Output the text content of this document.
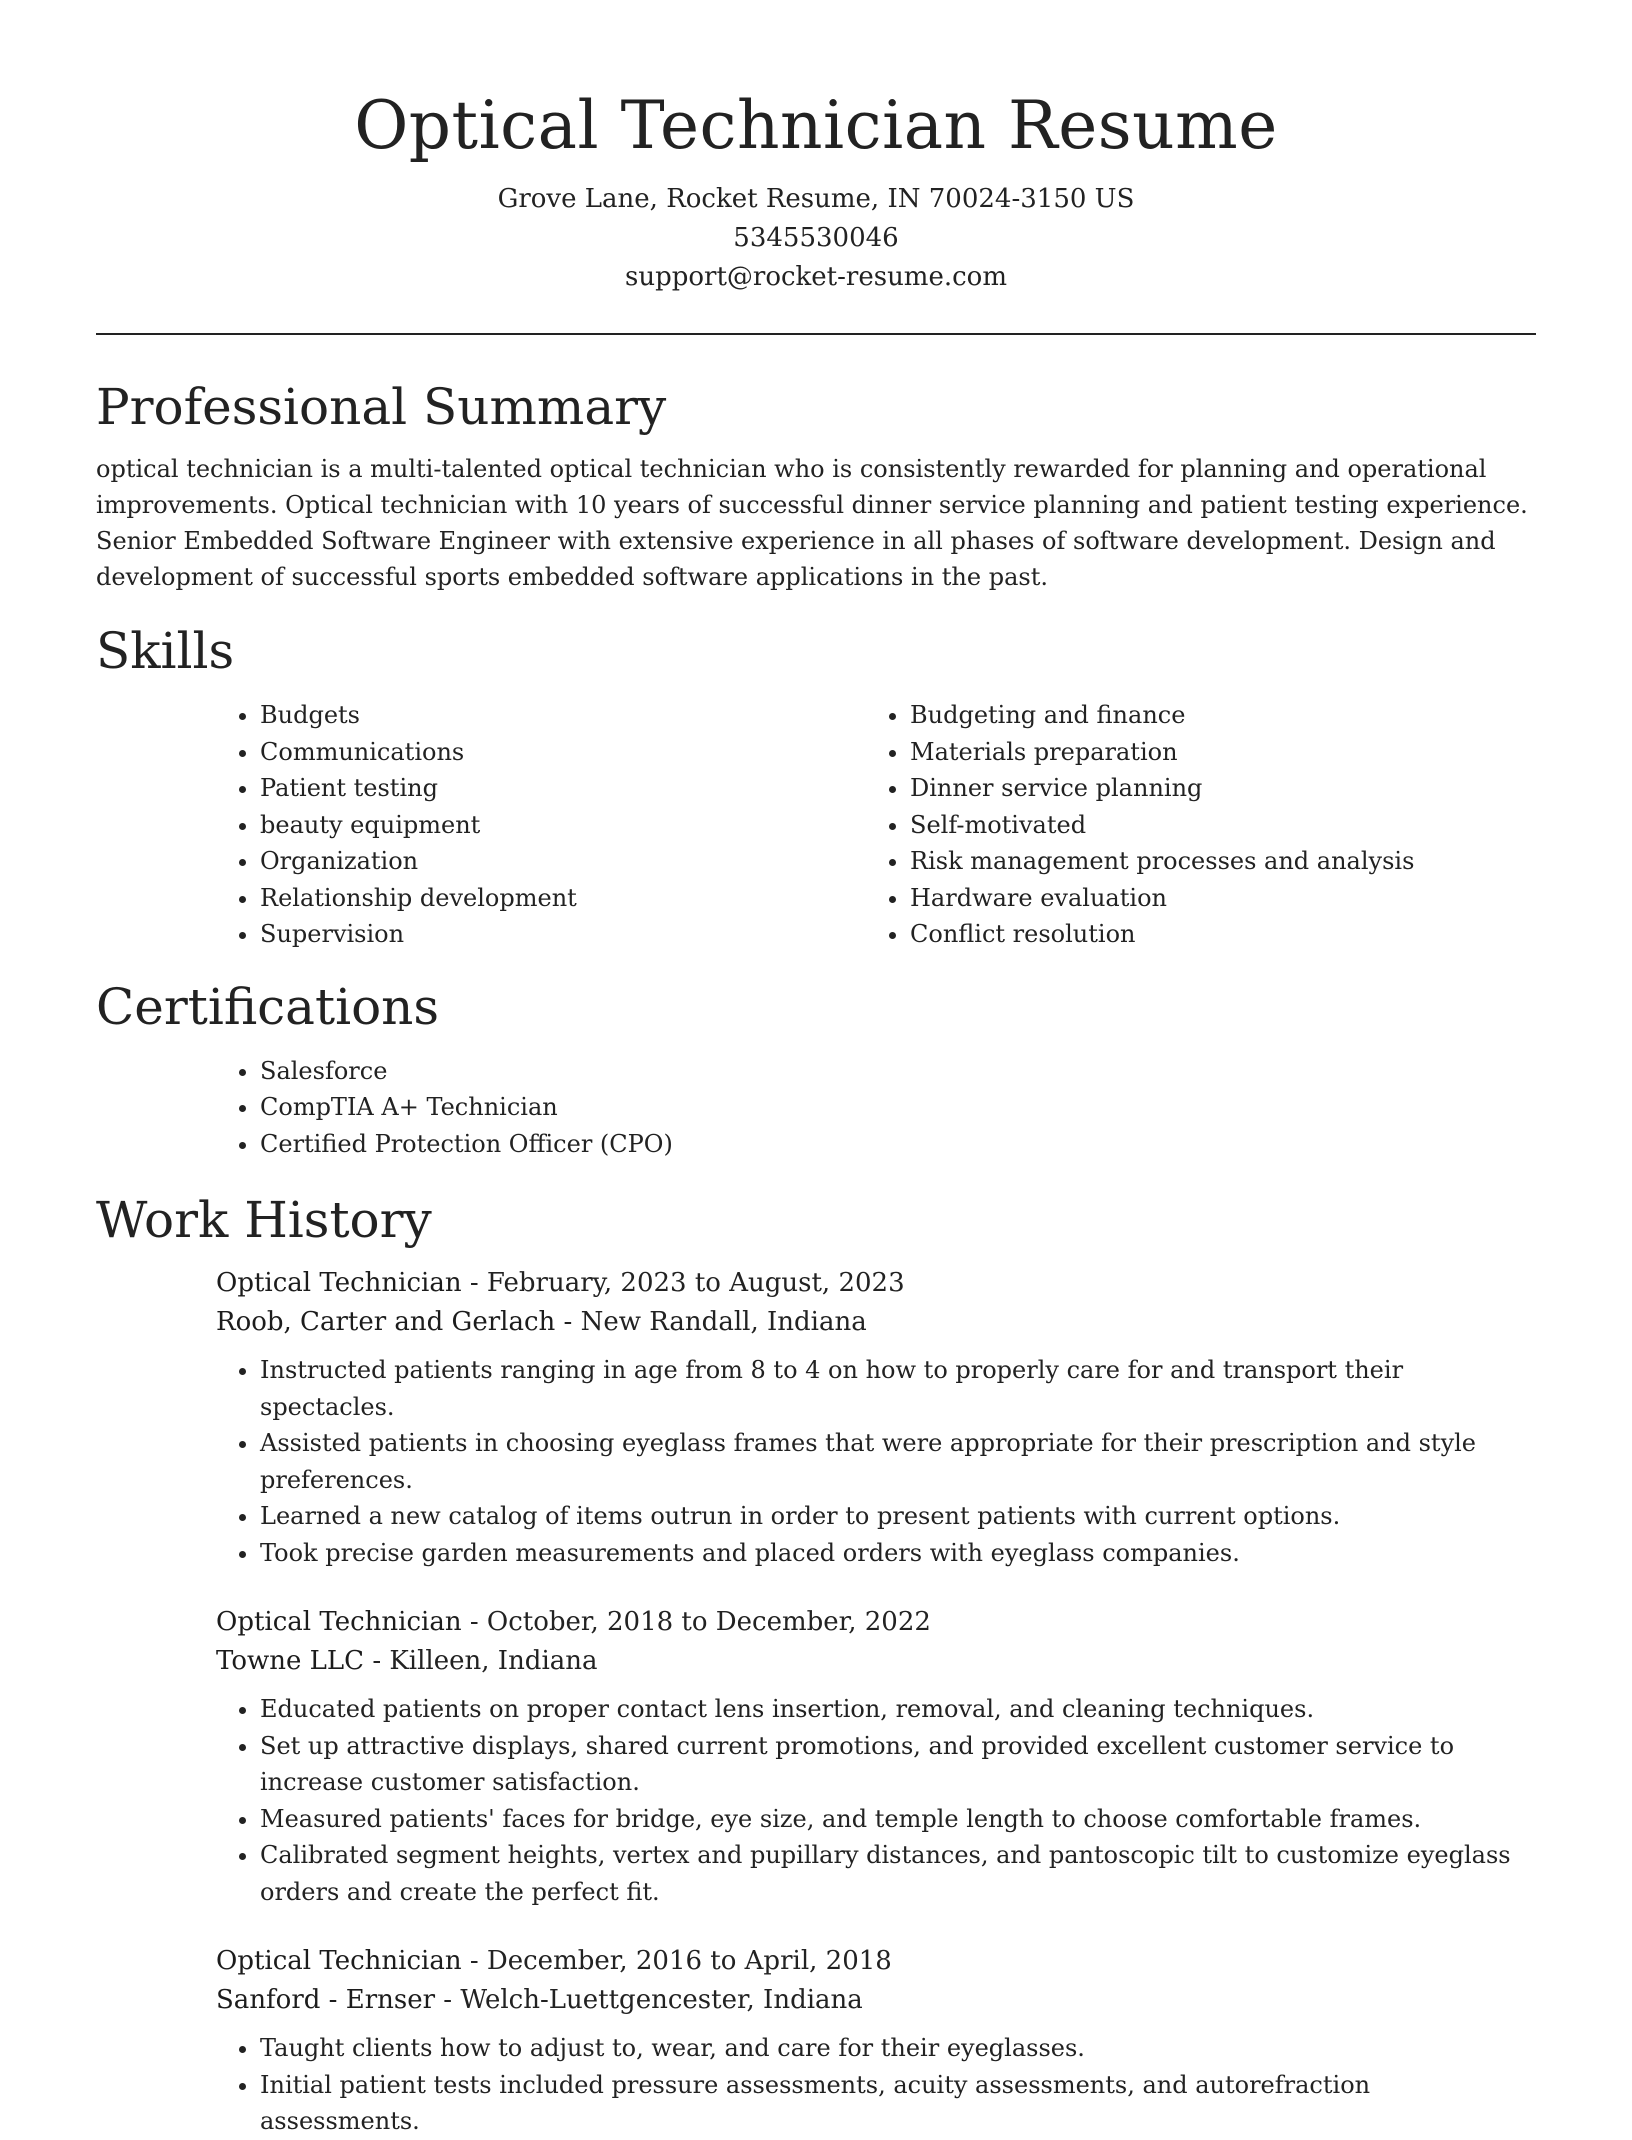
Optical Technician Resume

Grove Lane, Rocket Resume, IN 70024-3150 US

5345530046

support@rocket-resume.com

Professional Summary

optical technician is a multi-talented optical technician who is consistently rewarded for planning and operational improvements. Optical technician with 10 years of successful dinner service planning and patient testing experience. Senior Embedded Software Engineer with extensive experience in all phases of software development. Design and development of successful sports embedded software applications in the past.

Skills
• Budgets
• Communications
• Patient testing
• beauty equipment
• Organization
• Relationship development
• Supervision
• Budgeting and finance
• Materials preparation
• Dinner service planning
• Self-motivated
• Risk management processes and analysis
• Hardware evaluation
• Conflict resolution
Certifications
• Salesforce
• CompTIA A+ Technician
• Certified Protection Officer (CPO)
Work History

Optical Technician - February, 2023 to August, 2023

Roob, Carter and Gerlach - New Randall, Indiana

• Instructed patients ranging in age from 8 to 4 on how to properly care for and transport their spectacles.
• Assisted patients in choosing eyeglass frames that were appropriate for their prescription and style preferences.
• Learned a new catalog of items outrun in order to present patients with current options.
• Took precise garden measurements and placed orders with eyeglass companies.

Optical Technician - October, 2018 to December, 2022

Towne LLC - Killeen, Indiana

• Educated patients on proper contact lens insertion, removal, and cleaning techniques.
• Set up attractive displays, shared current promotions, and provided excellent customer service to increase customer satisfaction.
• Measured patients' faces for bridge, eye size, and temple length to choose comfortable frames.
• Calibrated segment heights, vertex and pupillary distances, and pantoscopic tilt to customize eyeglass orders and create the perfect fit.

Optical Technician - December, 2016 to April, 2018

Sanford - Ernser - Welch-Luettgencester, Indiana

• Taught clients how to adjust to, wear, and care for their eyeglasses.
• Initial patient tests included pressure assessments, acuity assessments, and autorefraction assessments.
